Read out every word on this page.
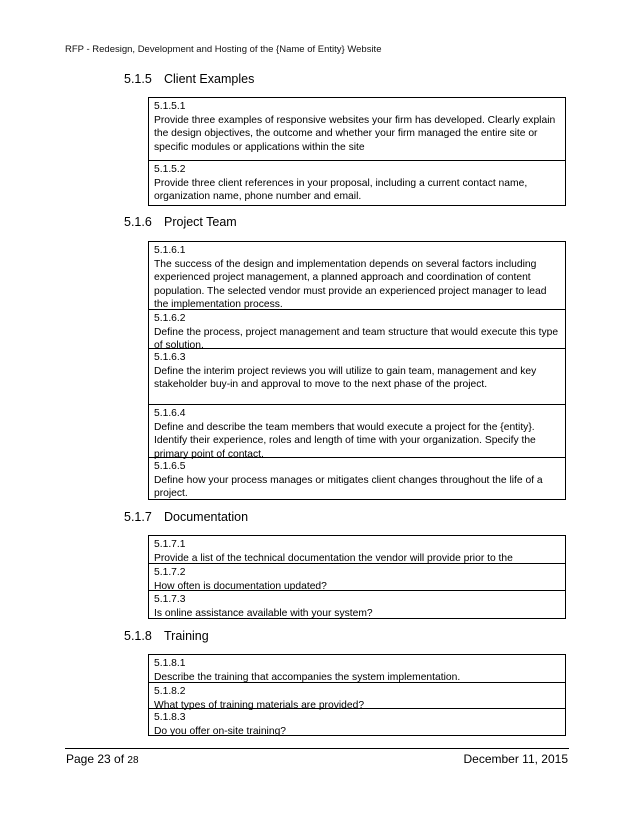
RFP - Redesign, Development and Hosting of the {Name of Entity} Website
5.1.5 Client Examples
5.1.5.1
Provide three examples of responsive websites your firm has developed. Clearly explain the design objectives, the outcome and whether your firm managed the entire site or specific modules or applications within the site
5.1.5.2
Provide three client references in your proposal, including a current contact name, organization name, phone number and email.
5.1.6 Project Team
5.1.6.1
The success of the design and implementation depends on several factors including experienced project management, a planned approach and coordination of content population. The selected vendor must provide an experienced project manager to lead the implementation process.
5.1.6.2
Define the process, project management and team structure that would execute this type of solution.
5.1.6.3
Define the interim project reviews you will utilize to gain team, management and key stakeholder buy-in and approval to move to the next phase of the project.
5.1.6.4
Define and describe the team members that would execute a project for the {entity}. Identify their experience, roles and length of time with your organization. Specify the primary point of contact.
5.1.6.5
Define how your process manages or mitigates client changes throughout the life of a project.
5.1.7 Documentation
5.1.7.1
Provide a list of the technical documentation the vendor will provide prior to the
5.1.7.2
How often is documentation updated?
5.1.7.3
Is online assistance available with your system?
5.1.8 Training
5.1.8.1
Describe the training that accompanies the system implementation.
5.1.8.2
What types of training materials are provided?
5.1.8.3
Do you offer on-site training?
Page 23 of 28	December 11, 2015
